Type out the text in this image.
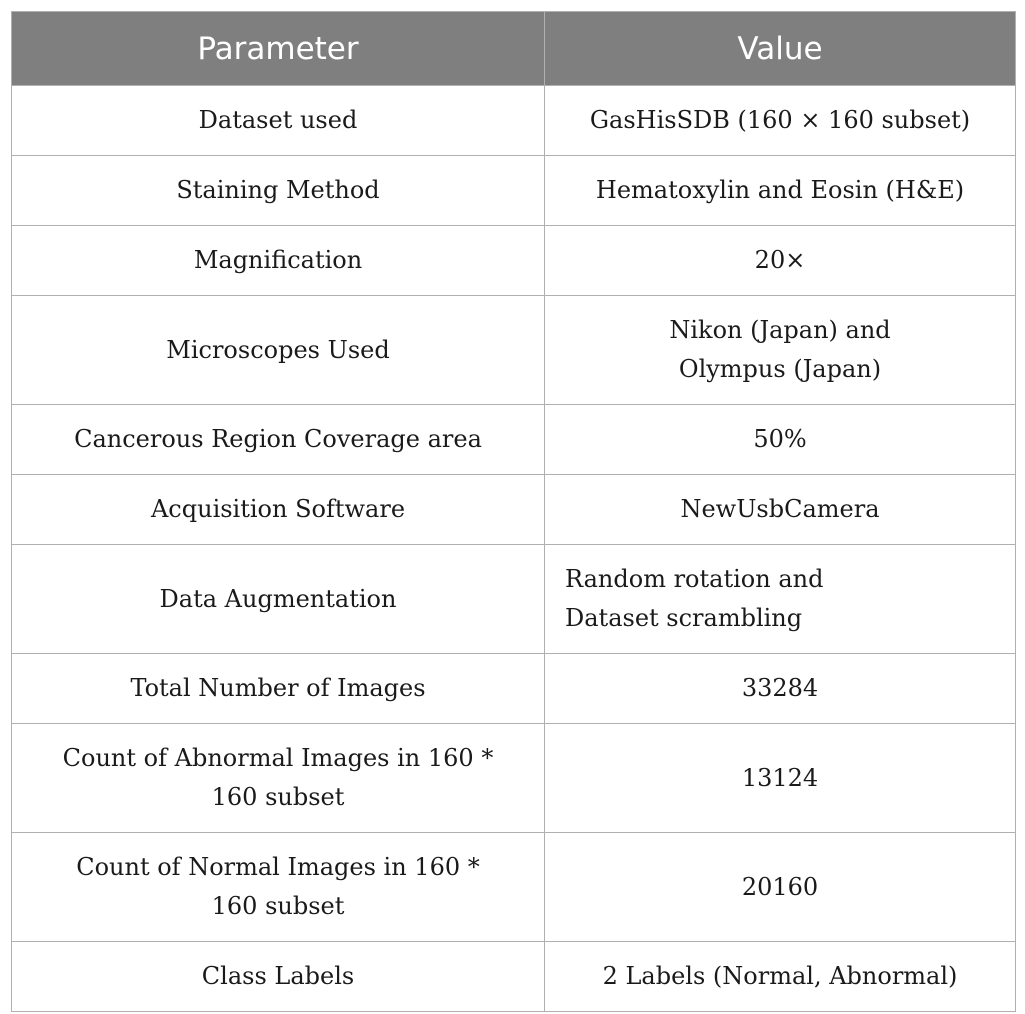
Parameter	Value

Dataset used	GasHisSDB (160 × 160 subset)

Staining Method	Hematoxylin and Eosin (H&E)

Magnification	20×

Microscopes Used	Nikon (Japan) and
Olympus (Japan)

Cancerous Region Coverage area	50%

Acquisition Software	NewUsbCamera

Data Augmentation	Random rotation and
Dataset scrambling

Total Number of Images	33284

Count of Abnormal Images in 160 *
160 subset	13124

Count of Normal Images in 160 *
160 subset	20160

Class Labels	2 Labels (Normal, Abnormal)
